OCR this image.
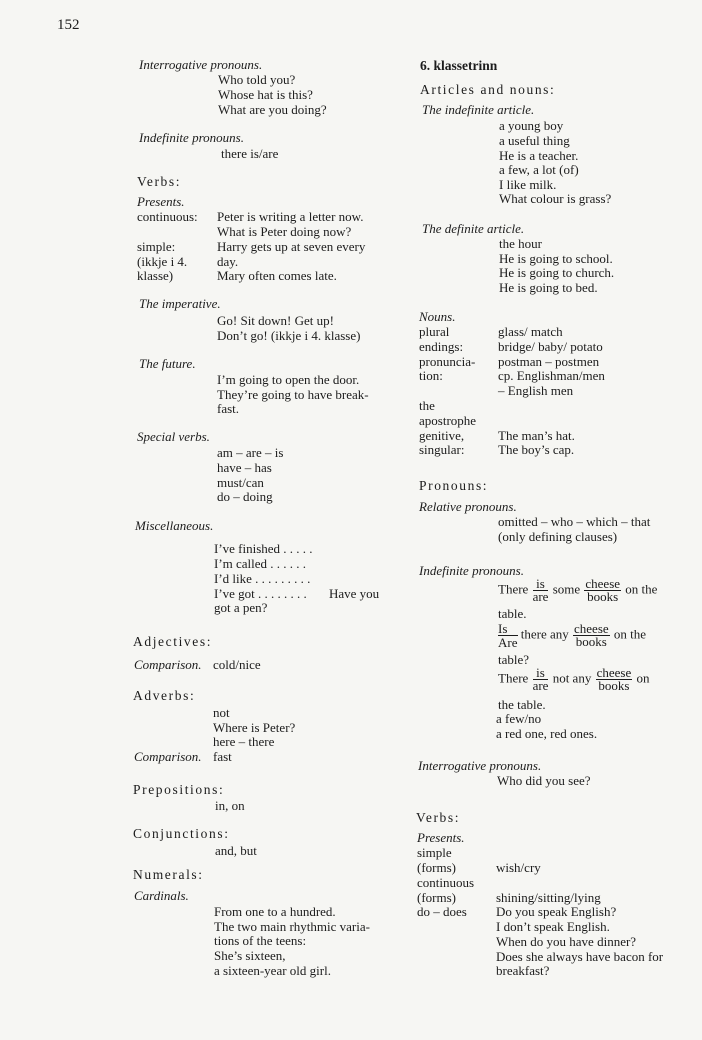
152
Interrogative pronouns.
Who told you?
Whose hat is this?
What are you doing?
Indefinite pronouns.
there is/are
Verbs:
Presents.
continuous: Peter is writing a letter now.
What is Peter doing now?
simple:
(ikkje i 4.
klasse)
Harry gets up at seven every
day.
Mary often comes late.
The imperative.
Go! Sit down! Get up!
Don’t go! (ikkje i 4. klasse)
The future.
I’m going to open the door.
They’re going to have break-
fast.
Special verbs.
am – are – is
have – has
must/can
do – doing
Miscellaneous.
I’ve finished . . . . .
I’m called . . . . . .
I’d like . . . . . . . . .
I’ve got . . . . . . . . Have you
got a pen?
Adjectives:
Comparison. cold/nice
Adverbs:
not
Where is Peter?
here – there
Comparison. fast
Prepositions:
in, on
Conjunctions:
and, but
Numerals:
Cardinals.
From one to a hundred.
The two main rhythmic varia-
tions of the teens:
She’s sixteen,
a sixteen-year old girl.
6. klassetrinn
Articles and nouns:
The indefinite article.
a young boy
a useful thing
He is a teacher.
a few, a lot (of)
I like milk.
What colour is grass?
The definite article.
the hour
He is going to school.
He is going to church.
He is going to bed.
Nouns.
plural
endings:
pronuncia-
tion:
glass/ match
bridge/ baby/ potato
postman – postmen
cp. Englishman/men
– English men
the
apostrophe
genitive,
singular:
The man’s hat.
The boy’s cap.
Pronouns:
Relative pronouns.
omitted – who – which – that
(only defining clauses)
Indefinite pronouns.
There is
are
some cheese
books
on the
table.
Is
Are
there any cheese
books
on the
table?
There is
are
not any cheese
books
on
the table.
a few/no
a red one, red ones.
Interrogative pronouns.
Who did you see?
Verbs:
Presents.
simple
(forms)
continuous
(forms)
do – does
wish/cry
shining/sitting/lying
Do you speak English?
I don’t speak English.
When do you have dinner?
Does she always have bacon for
breakfast?
